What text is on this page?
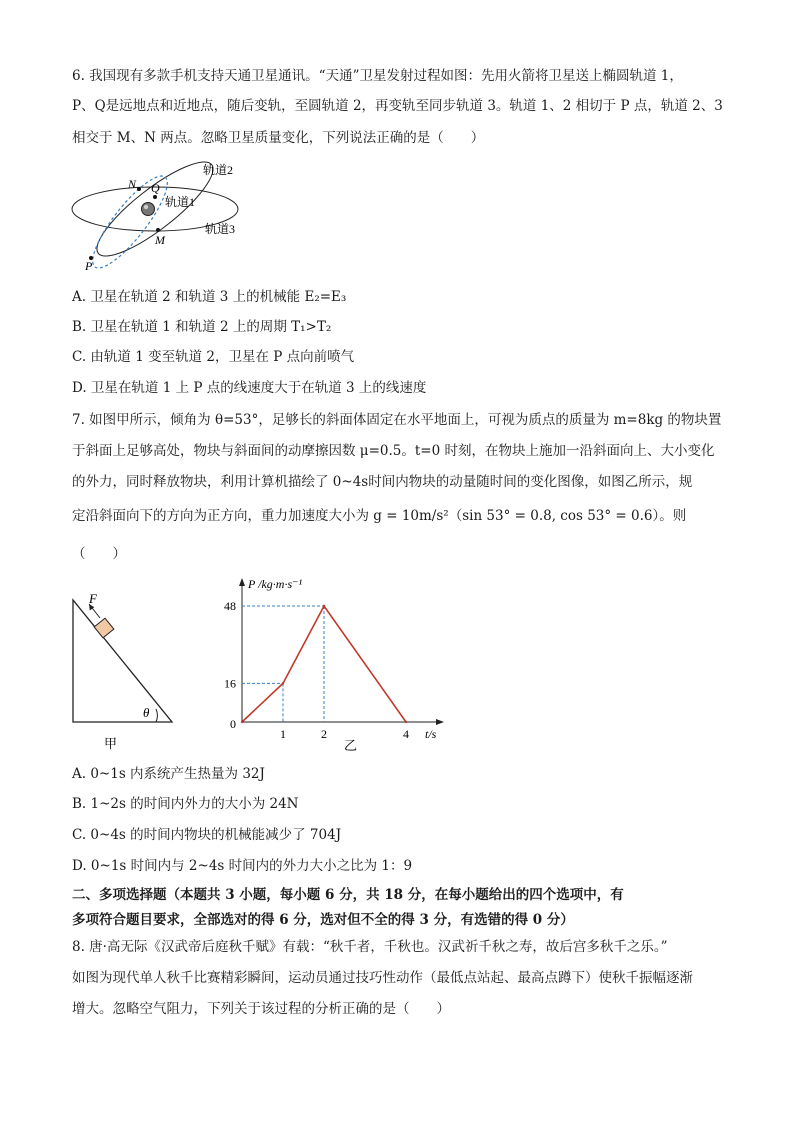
6. 我国现有多款手机支持天通卫星通讯。“天通”卫星发射过程如图：先用火箭将卫星送上椭圆轨道 1，
P、Q是远地点和近地点，随后变轨，至圆轨道 2，再变轨至同步轨道 3。轨道 1、2 相切于 P 点，轨道 2、3
相交于 M、N 两点。忽略卫星质量变化，下列说法正确的是（　　）
N Q
M
P
轨道2
轨道1
轨道3
A. 卫星在轨道 2 和轨道 3 上的机械能 E₂=E₃
B. 卫星在轨道 1 和轨道 2 上的周期 T₁>T₂
C. 由轨道 1 变至轨道 2，卫星在 P 点向前喷气
D. 卫星在轨道 1 上 P 点的线速度大于在轨道 3 上的线速度
7. 如图甲所示，倾角为 θ=53°，足够长的斜面体固定在水平地面上，可视为质点的质量为 m=8kg 的物块置
于斜面上足够高处，物块与斜面间的动摩擦因数 μ=0.5。t=0 时刻，在物块上施加一沿斜面向上、大小变化
的外力，同时释放物块，利用计算机描绘了 0~4s时间内物块的动量随时间的变化图像，如图乙所示，规
定沿斜面向下的方向为正方向，重力加速度大小为 g = 10m/s²（sin 53° = 0.8, cos 53° = 0.6）。则
（　　）
F
θ
甲
P /kg·m·s⁻¹
t/s
0
1	2	4
16
48
乙
A. 0~1s 内系统产生热量为 32J
B. 1~2s 的时间内外力的大小为 24N
C. 0~4s 的时间内物块的机械能减少了 704J
D. 0~1s 时间内与 2~4s 时间内的外力大小之比为 1：9
二、多项选择题（本题共 3 小题，每小题 6 分，共 18 分，在每小题给出的四个选项中，有
多项符合题目要求，全部选对的得 6 分，选对但不全的得 3 分，有选错的得 0 分）
8. 唐·高无际《汉武帝后庭秋千赋》有载：“秋千者，千秋也。汉武祈千秋之寿，故后宫多秋千之乐。”
如图为现代单人秋千比赛精彩瞬间，运动员通过技巧性动作（最低点站起、最高点蹲下）使秋千振幅逐渐
增大。忽略空气阻力，下列关于该过程的分析正确的是（　　）
